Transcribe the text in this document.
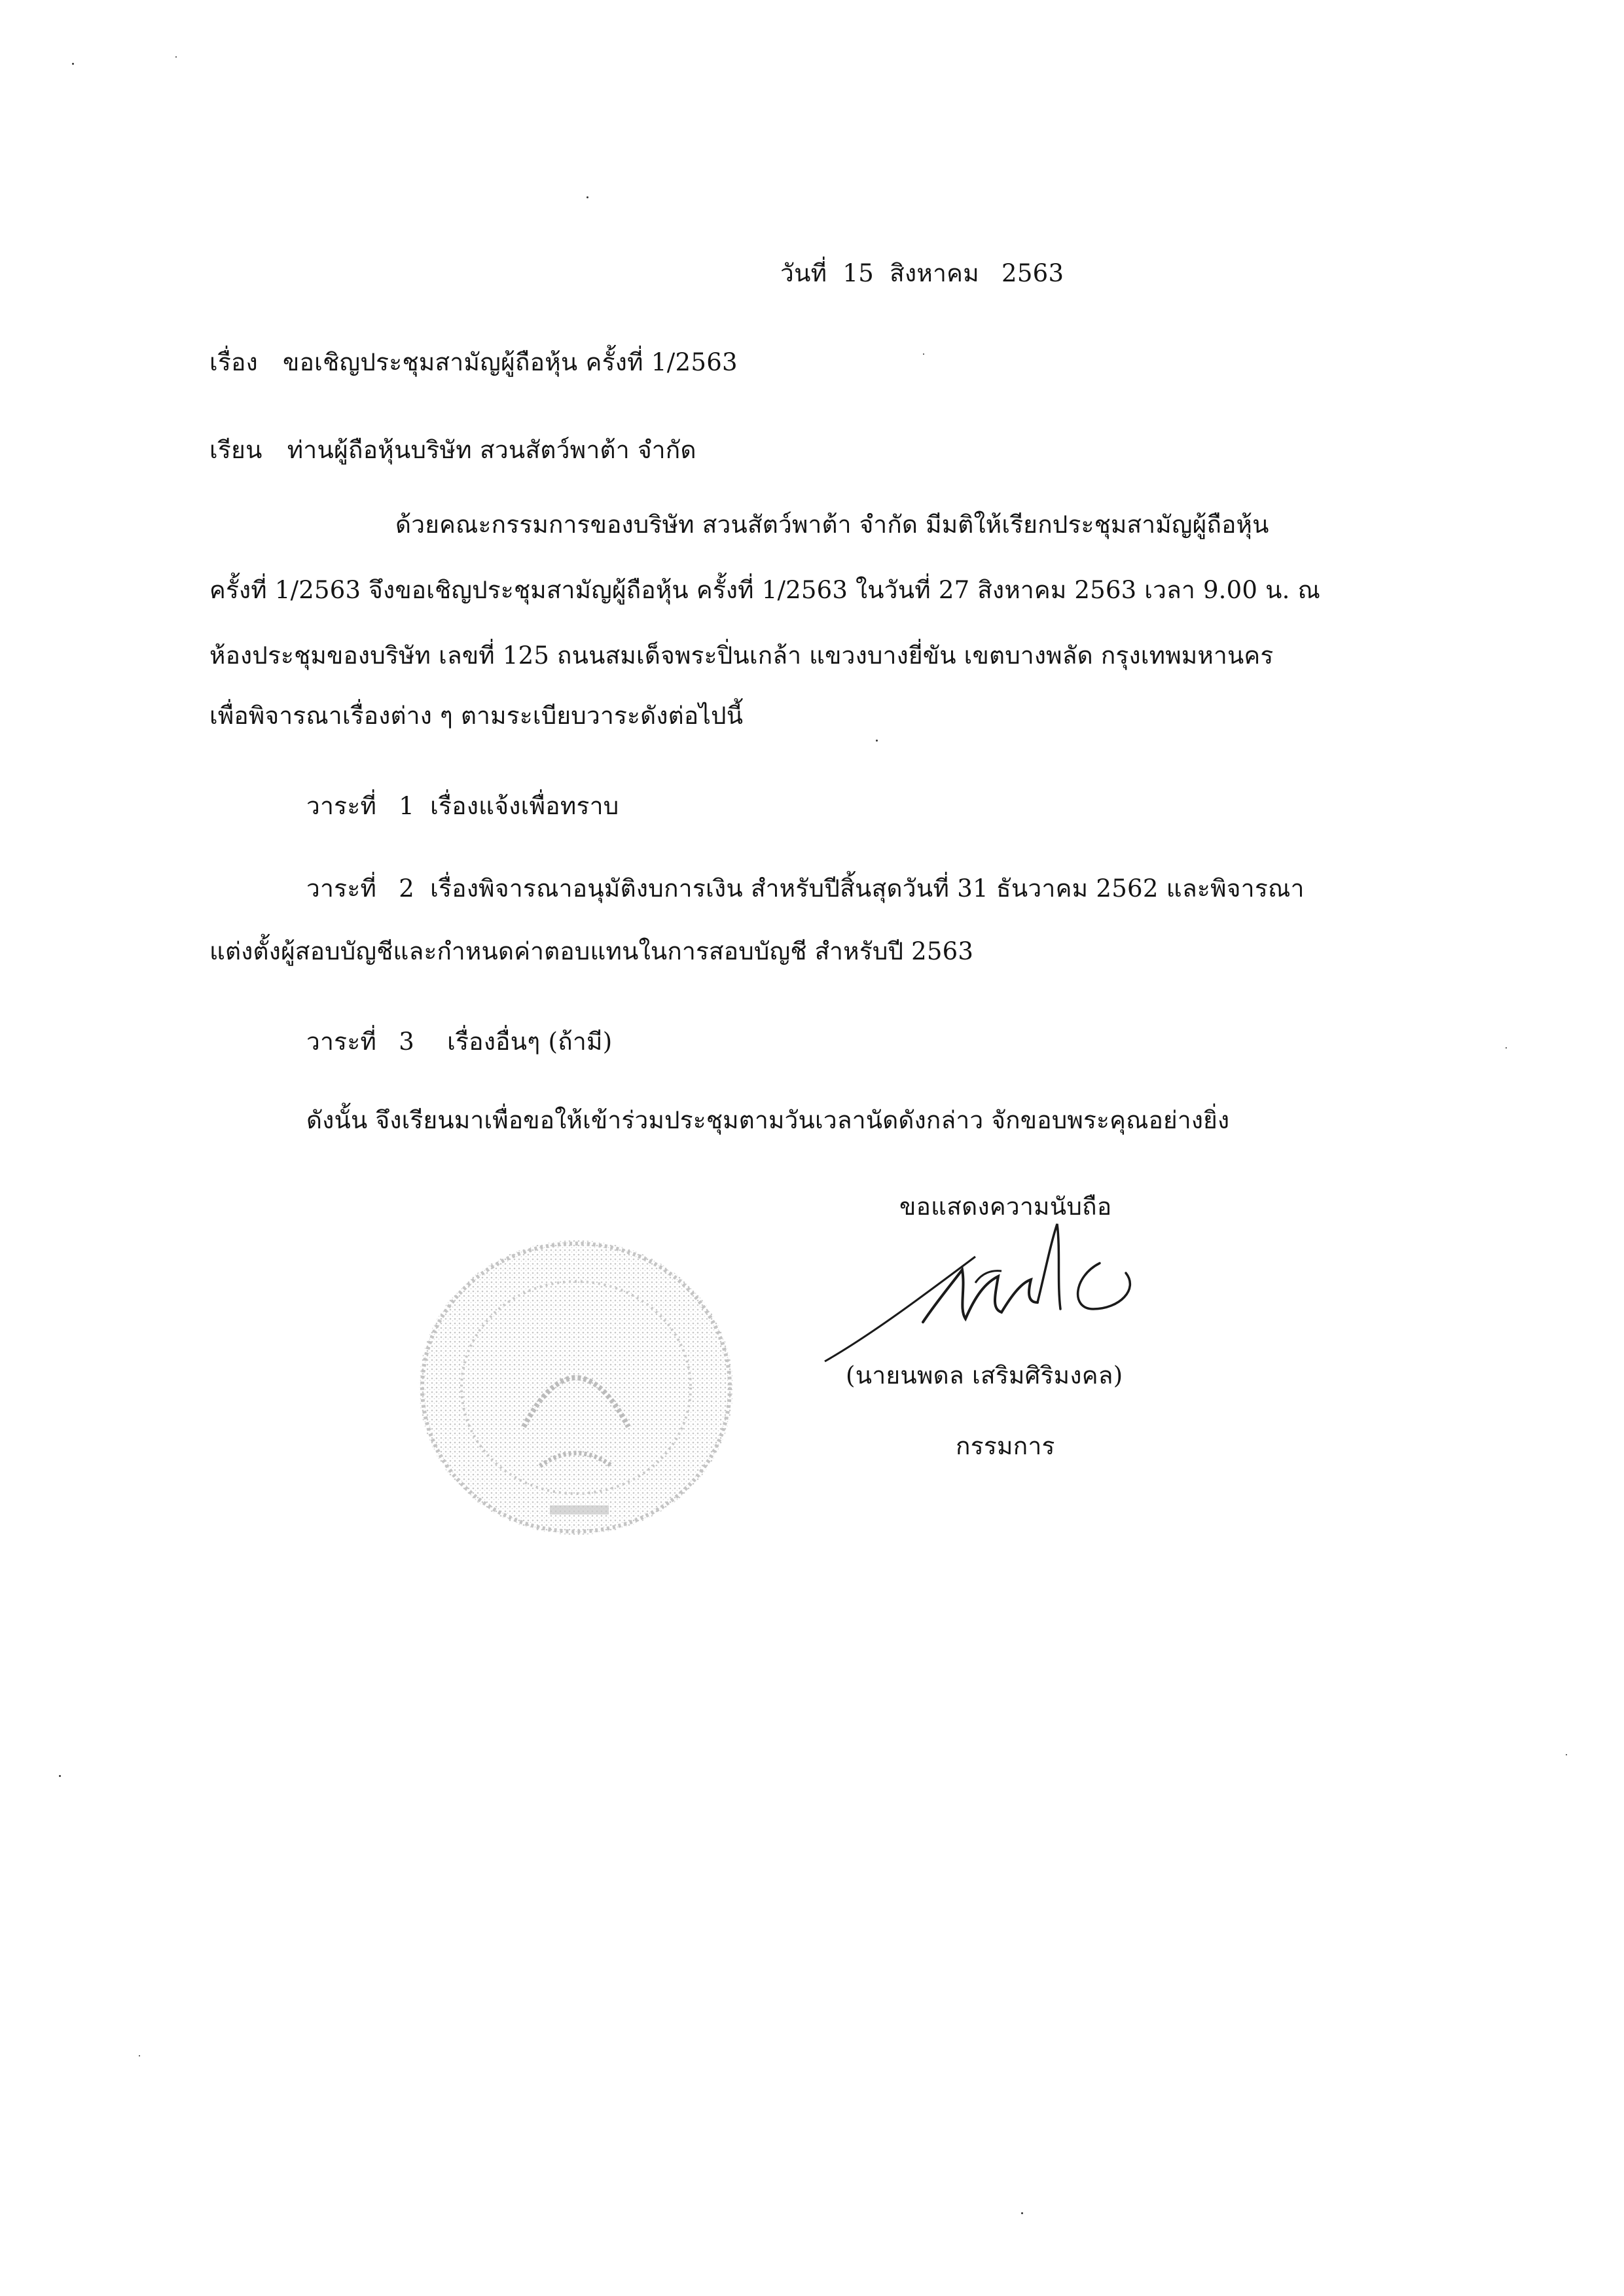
วันที่ 15 สิงหาคม 2563
เรื่อง ขอเชิญประชุมสามัญผู้ถือหุ้น ครั้งที่ 1/2563
เรียน ท่านผู้ถือหุ้นบริษัท สวนสัตว์พาต้า จำกัด
ด้วยคณะกรรมการของบริษัท สวนสัตว์พาต้า จำกัด มีมติให้เรียกประชุมสามัญผู้ถือหุ้น
ครั้งที่ 1/2563 จึงขอเชิญประชุมสามัญผู้ถือหุ้น ครั้งที่ 1/2563 ในวันที่ 27 สิงหาคม 2563 เวลา 9.00 น. ณ
ห้องประชุมของบริษัท เลขที่ 125 ถนนสมเด็จพระปิ่นเกล้า แขวงบางยี่ขัน เขตบางพลัด กรุงเทพมหานคร
เพื่อพิจารณาเรื่องต่าง ๆ ตามระเบียบวาระดังต่อไปนี้
วาระที่ 1 เรื่องแจ้งเพื่อทราบ
วาระที่ 2 เรื่องพิจารณาอนุมัติงบการเงิน สำหรับปีสิ้นสุดวันที่ 31 ธันวาคม 2562 และพิจารณา
แต่งตั้งผู้สอบบัญชีและกำหนดค่าตอบแทนในการสอบบัญชี สำหรับปี 2563
วาระที่ 3 เรื่องอื่นๆ (ถ้ามี)
ดังนั้น จึงเรียนมาเพื่อขอให้เข้าร่วมประชุมตามวันเวลานัดดังกล่าว จักขอบพระคุณอย่างยิ่ง
ขอแสดงความนับถือ
(นายนพดล เสริมศิริมงคล)
กรรมการ
